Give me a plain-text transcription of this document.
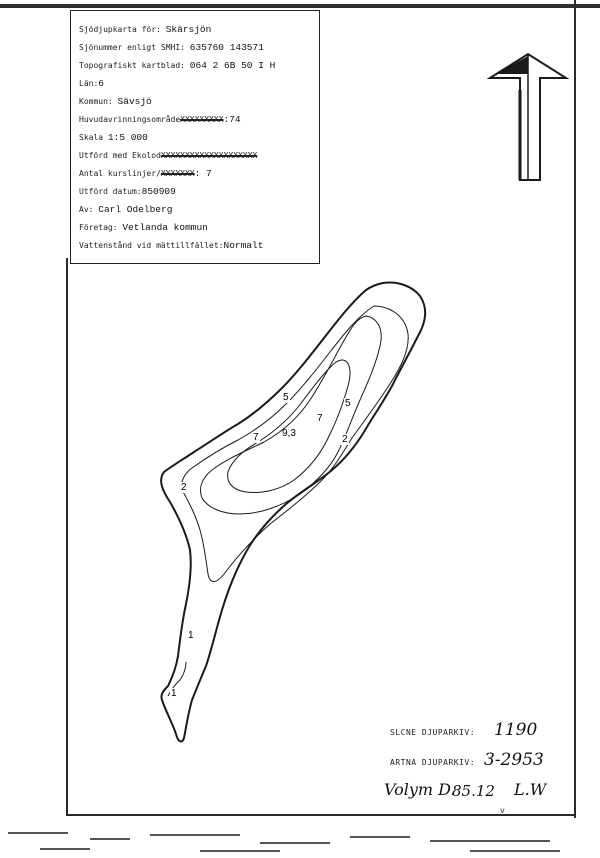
Sjödjupkarta för: Skärsjön
Sjönummer enligt SMHI: 635760 143571
Topografiskt kartblad: 064 2 6B 50 I H
Län:6
Kommun: Sävsjö
HuvudavrinningsområdeXXXXXXXXX:74
Skala 1:5 000
Utförd med EkolodXXXXXXXXXXXXXXXXXXXX
Antal kurslinjer/XXXXXXX: 7
Utförd datum:850909
Av: Carl Odelberg
Företag: Vetlanda kommun
Vattenstånd vid mättillfället:Normalt
5
5
7
7 9,3
2
2
1
1
SLCNE DJUPARKIV: 1190
ARTNA DJUPARKIV: 3-2953
Volym D.
85.12 L.W
v
